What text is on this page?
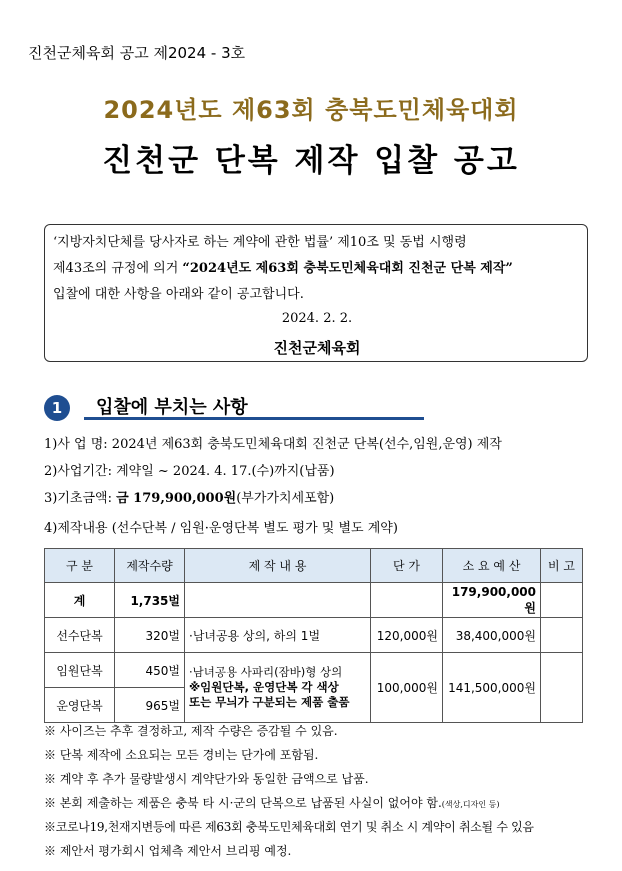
진천군체육회 공고 제2024 - 3호
2024년도 제63회 충북도민체육대회
진천군 단복 제작 입찰 공고
‘지방자치단체를 당사자로 하는 계약에 관한 법률’ 제10조 및 동법 시행령
제43조의 규정에 의거 “2024년도 제63회 충북도민체육대회 진천군 단복 제작”
입찰에 대한 사항을 아래와 같이 공고합니다.
2024. 2. 2.
진천군체육회
1	입찰에 부치는 사항
1)사 업 명: 2024년 제63회 충북도민체육대회 진천군 단복(선수,임원,운영) 제작
2)사업기간: 계약일 ~ 2024. 4. 17.(수)까지(납품)
3)기초금액: 금 179,900,000원(부가가치세포함)
4)제작내용 (선수단복 / 임원·운영단복 별도 평가 및 별도 계약)
구 분	제작수량	제 작 내 용	단 가	소 요 예 산	비 고
계	1,735벌			179,900,000원	
선수단복	320벌	·남녀공용 상의, 하의 1벌	120,000원	38,400,000원	
임원단복	450벌	·남녀공용 사파리(잠바)형 상의
※임원단복, 운영단복 각 색상
또는 무늬가 구분되는 제품 출품	100,000원	141,500,000원	
운영단복	965벌				
※ 사이즈는 추후 결정하고, 제작 수량은 증감될 수 있음.
※ 단복 제작에 소요되는 모든 경비는 단가에 포함됨.
※ 계약 후 추가 물량발생시 계약단가와 동일한 금액으로 납품.
※ 본회 제출하는 제품은 충북 타 시·군의 단복으로 납품된 사실이 없어야 함.(색상,디자인 등)
※코로나19,천재지변등에 따른 제63회 충북도민체육대회 연기 및 취소 시 계약이 취소될 수 있음
※ 제안서 평가회시 업체측 제안서 브리핑 예정.
